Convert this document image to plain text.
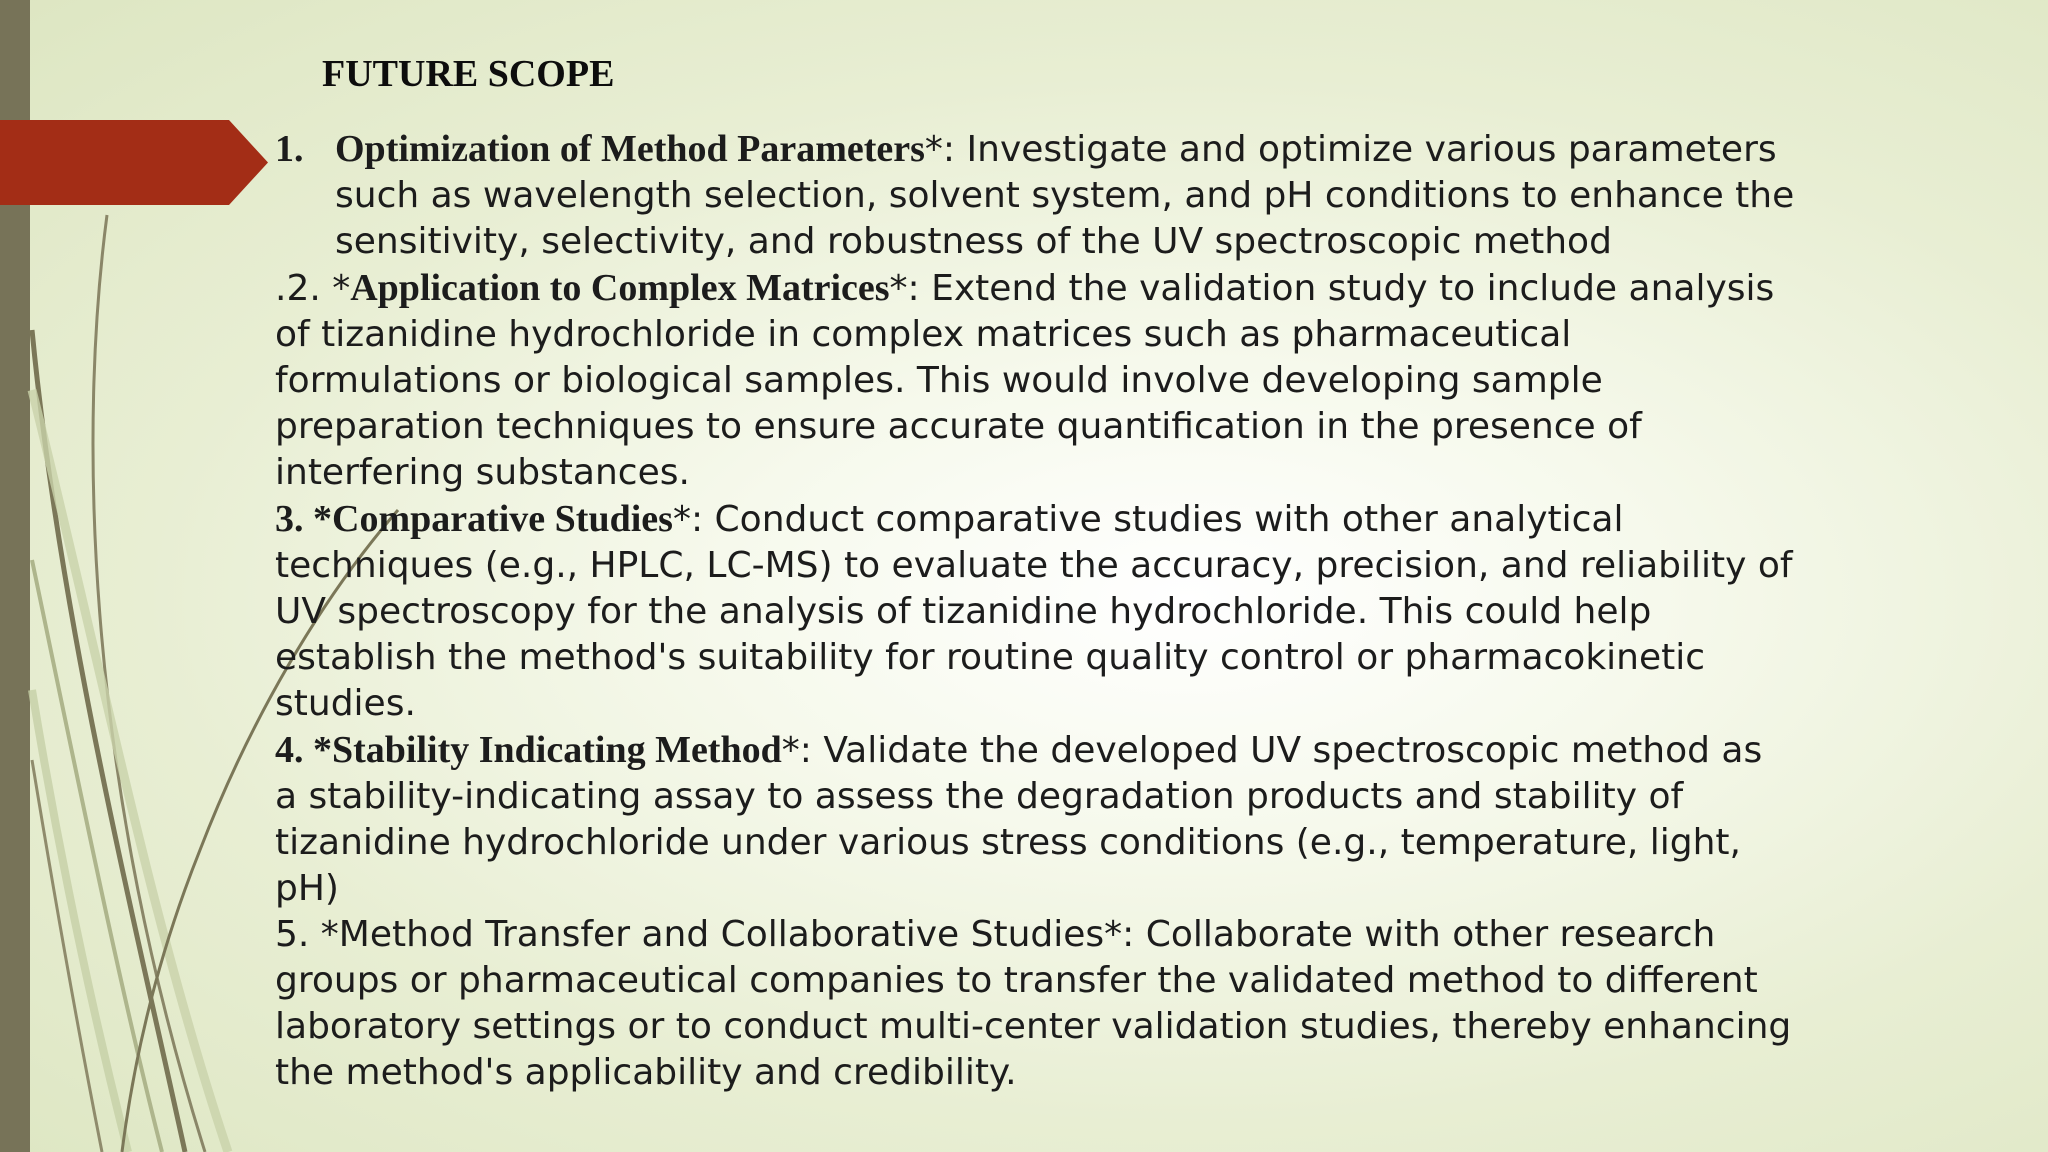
FUTURE SCOPE
1. Optimization of Method Parameters*: Investigate and optimize various parameters such as wavelength selection, solvent system, and pH conditions to enhance the sensitivity, selectivity, and robustness of the UV spectroscopic method

.2. *Application to Complex Matrices*: Extend the validation study to include analysis of tizanidine hydrochloride in complex matrices such as pharmaceutical formulations or biological samples. This would involve developing sample preparation techniques to ensure accurate quantification in the presence of interfering substances.

3. *Comparative Studies*: Conduct comparative studies with other analytical techniques (e.g., HPLC, LC-MS) to evaluate the accuracy, precision, and reliability of UV spectroscopy for the analysis of tizanidine hydrochloride. This could help establish the method's suitability for routine quality control or pharmacokinetic studies.

4. *Stability Indicating Method*: Validate the developed UV spectroscopic method as a stability-indicating assay to assess the degradation products and stability of tizanidine hydrochloride under various stress conditions (e.g., temperature, light, pH)

5. *Method Transfer and Collaborative Studies*: Collaborate with other research groups or pharmaceutical companies to transfer the validated method to different laboratory settings or to conduct multi-center validation studies, thereby enhancing the method's applicability and credibility.
